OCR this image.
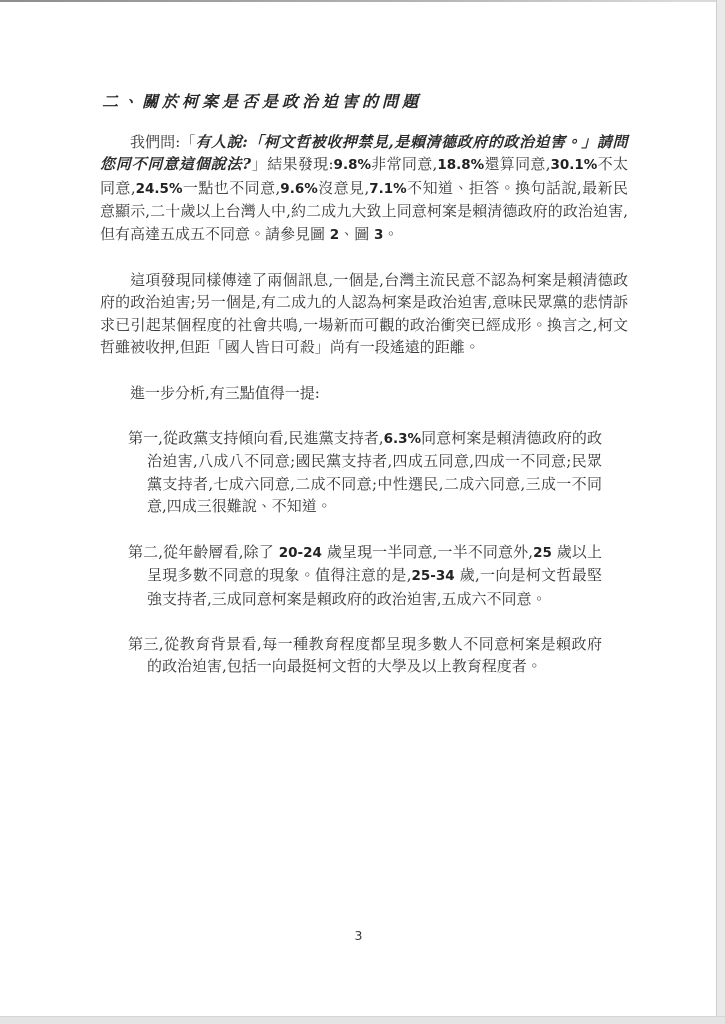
二、關於柯案是否是政治迫害的問題

我們問:「有人說:「柯文哲被收押禁見,是賴清德政府的政治迫害。」請問您同不同意這個說法?」結果發現:9.8%非常同意,18.8%還算同意,30.1%不太同意,24.5%一點也不同意,9.6%沒意見,7.1%不知道、拒答。換句話說,最新民意顯示,二十歲以上台灣人中,約二成九大致上同意柯案是賴清德政府的政治迫害,但有高達五成五不同意。請參見圖 2、圖 3。

這項發現同樣傳達了兩個訊息,一個是,台灣主流民意不認為柯案是賴清德政府的政治迫害;另一個是,有二成九的人認為柯案是政治迫害,意味民眾黨的悲情訴求已引起某個程度的社會共鳴,一場新而可觀的政治衝突已經成形。換言之,柯文哲雖被收押,但距「國人皆曰可殺」尚有一段遙遠的距離。

進一步分析,有三點值得一提:

第一,從政黨支持傾向看,民進黨支持者,6.3%同意柯案是賴清德政府的政治迫害,八成八不同意;國民黨支持者,四成五同意,四成一不同意;民眾黨支持者,七成六同意,二成不同意;中性選民,二成六同意,三成一不同意,四成三很難說、不知道。

第二,從年齡層看,除了 20-24 歲呈現一半同意,一半不同意外,25 歲以上呈現多數不同意的現象。值得注意的是,25-34 歲,一向是柯文哲最堅強支持者,三成同意柯案是賴政府的政治迫害,五成六不同意。

第三,從教育背景看,每一種教育程度都呈現多數人不同意柯案是賴政府的政治迫害,包括一向最挺柯文哲的大學及以上教育程度者。

3
